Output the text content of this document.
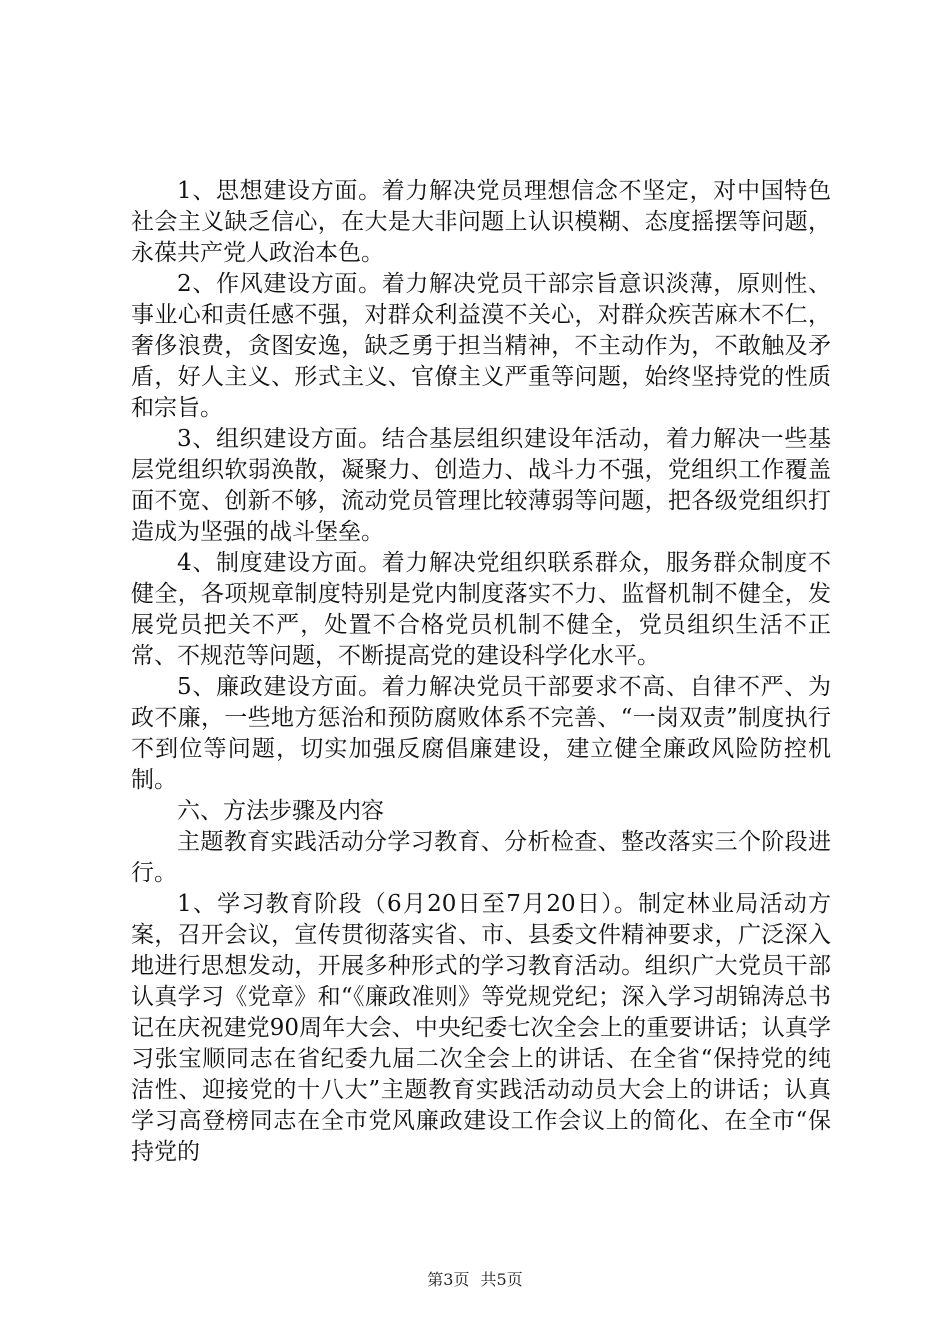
1、思想建设方面。着力解决党员理想信念不坚定，对中国特色社会主义缺乏信心，在大是大非问题上认识模糊、态度摇摆等问题，永葆共产党人政治本色。

2、作风建设方面。着力解决党员干部宗旨意识淡薄，原则性、事业心和责任感不强，对群众利益漠不关心，对群众疾苦麻木不仁，奢侈浪费，贪图安逸，缺乏勇于担当精神，不主动作为，不敢触及矛盾，好人主义、形式主义、官僚主义严重等问题，始终坚持党的性质和宗旨。

3、组织建设方面。结合基层组织建设年活动，着力解决一些基层党组织软弱涣散，凝聚力、创造力、战斗力不强，党组织工作覆盖面不宽、创新不够，流动党员管理比较薄弱等问题，把各级党组织打造成为坚强的战斗堡垒。

4、制度建设方面。着力解决党组织联系群众，服务群众制度不健全，各项规章制度特别是党内制度落实不力、监督机制不健全，发展党员把关不严，处置不合格党员机制不健全，党员组织生活不正常、不规范等问题，不断提高党的建设科学化水平。

5、廉政建设方面。着力解决党员干部要求不高、自律不严、为政不廉，一些地方惩治和预防腐败体系不完善、“一岗双责”制度执行不到位等问题，切实加强反腐倡廉建设，建立健全廉政风险防控机制。

六、方法步骤及内容

主题教育实践活动分学习教育、分析检查、整改落实三个阶段进行。

1、学习教育阶段（6月20日至7月20日）。制定林业局活动方案，召开会议，宣传贯彻落实省、市、县委文件精神要求，广泛深入地进行思想发动，开展多种形式的学习教育活动。组织广大党员干部认真学习《党章》和“《廉政准则》等党规党纪；深入学习胡锦涛总书记在庆祝建党90周年大会、中央纪委七次全会上的重要讲话；认真学习张宝顺同志在省纪委九届二次全会上的讲话、在全省“保持党的纯洁性、迎接党的十八大”主题教育实践活动动员大会上的讲话；认真学习高登榜同志在全市党风廉政建设工作会议上的简化、在全市“保持党的

第3页 共5页
